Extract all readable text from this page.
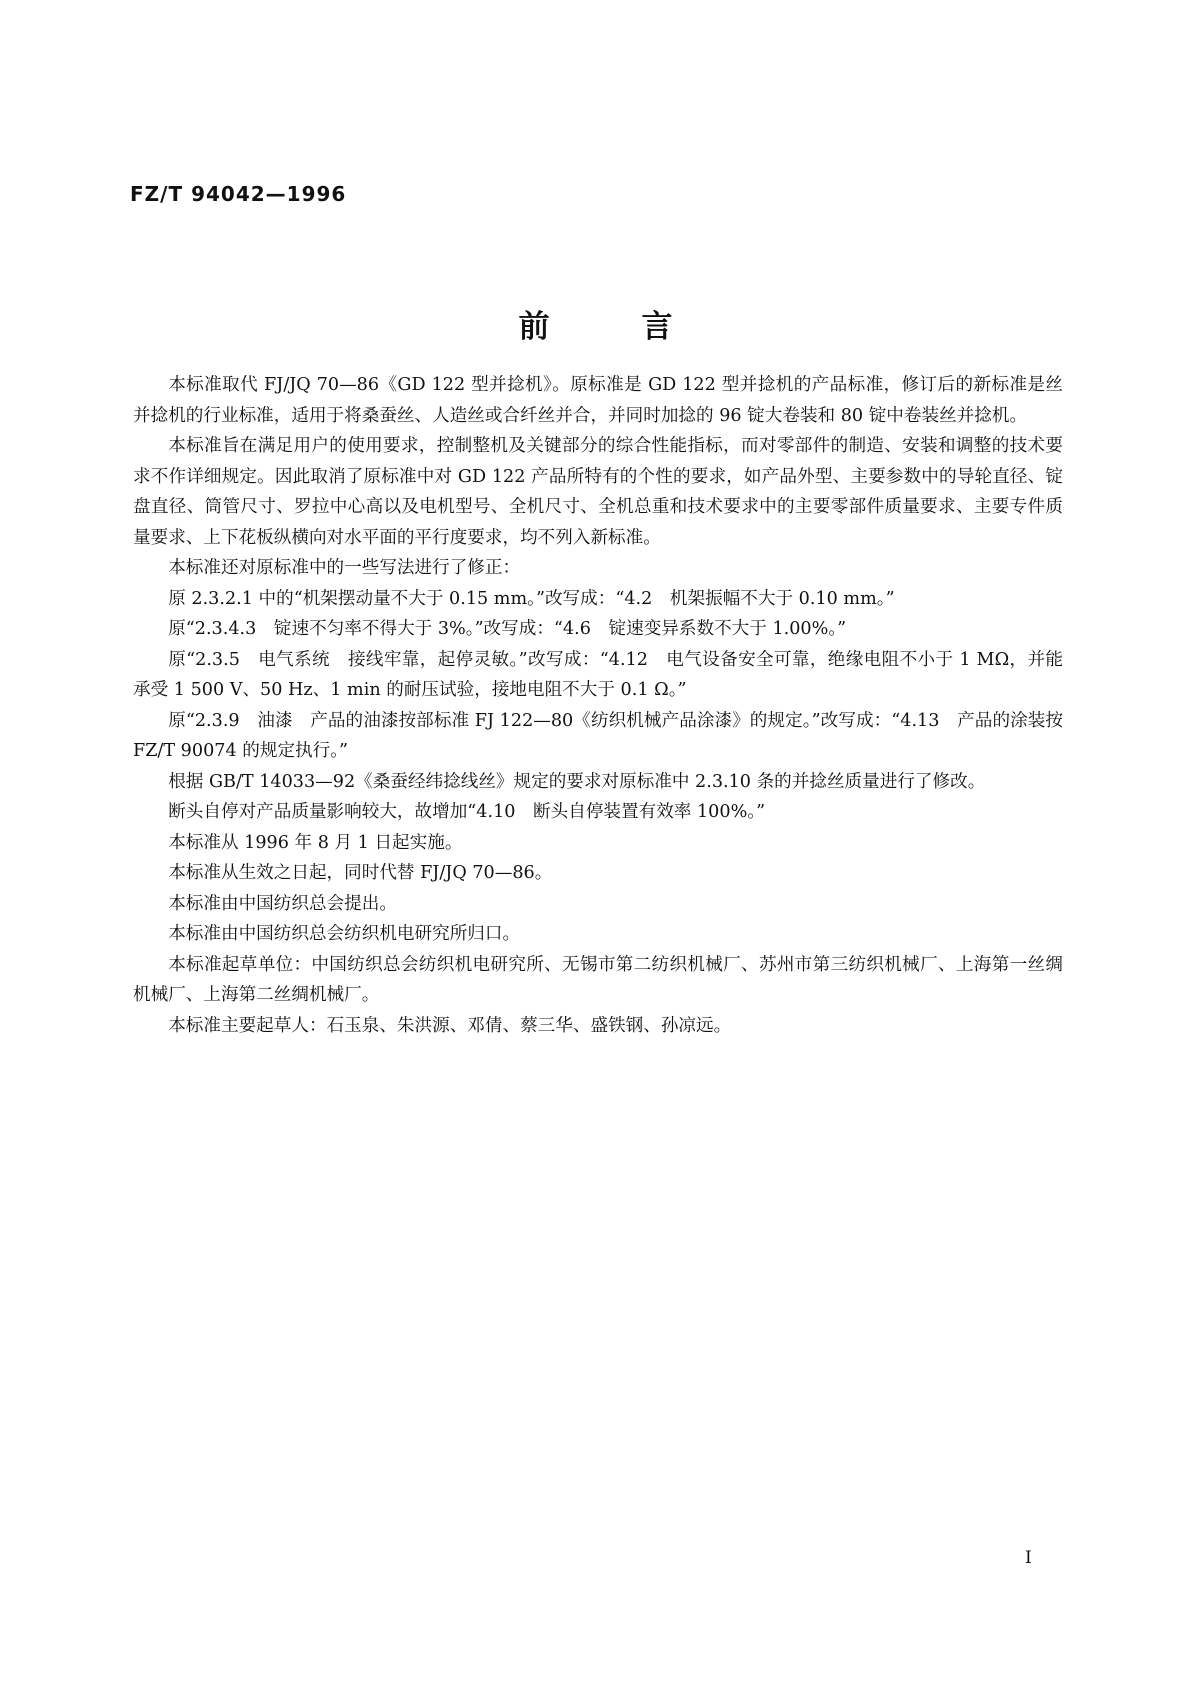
FZ/T 94042—1996
前	言

本标准取代 FJ/JQ 70—86《GD 122 型并捻机》。原标准是 GD 122 型并捻机的产品标准，修订后的新标准是丝并捻机的行业标准，适用于将桑蚕丝、人造丝或合纤丝并合，并同时加捻的 96 锭大卷装和 80 锭中卷装丝并捻机。

本标准旨在满足用户的使用要求，控制整机及关键部分的综合性能指标，而对零部件的制造、安装和调整的技术要求不作详细规定。因此取消了原标准中对 GD 122 产品所特有的个性的要求，如产品外型、主要参数中的导轮直径、锭盘直径、筒管尺寸、罗拉中心高以及电机型号、全机尺寸、全机总重和技术要求中的主要零部件质量要求、主要专件质量要求、上下花板纵横向对水平面的平行度要求，均不列入新标准。

本标准还对原标准中的一些写法进行了修正：

原 2.3.2.1 中的“机架摆动量不大于 0.15 mm。”改写成：“4.2　机架振幅不大于 0.10 mm。”

原“2.3.4.3　锭速不匀率不得大于 3%。”改写成：“4.6　锭速变异系数不大于 1.00%。”

原“2.3.5　电气系统　接线牢靠，起停灵敏。”改写成：“4.12　电气设备安全可靠，绝缘电阻不小于 1 MΩ，并能承受 1 500 V、50 Hz、1 min 的耐压试验，接地电阻不大于 0.1 Ω。”

原“2.3.9　油漆　产品的油漆按部标准 FJ 122—80《纺织机械产品涂漆》的规定。”改写成：“4.13　产品的涂装按 FZ/T 90074 的规定执行。”

根据 GB/T 14033—92《桑蚕经纬捻线丝》规定的要求对原标准中 2.3.10 条的并捻丝质量进行了修改。

断头自停对产品质量影响较大，故增加“4.10　断头自停装置有效率 100%。”

本标准从 1996 年 8 月 1 日起实施。

本标准从生效之日起，同时代替 FJ/JQ 70—86。

本标准由中国纺织总会提出。

本标准由中国纺织总会纺织机电研究所归口。

本标准起草单位：中国纺织总会纺织机电研究所、无锡市第二纺织机械厂、苏州市第三纺织机械厂、上海第一丝绸机械厂、上海第二丝绸机械厂。

本标准主要起草人：石玉泉、朱洪源、邓倩、蔡三华、盛铁钢、孙凉远。

I
